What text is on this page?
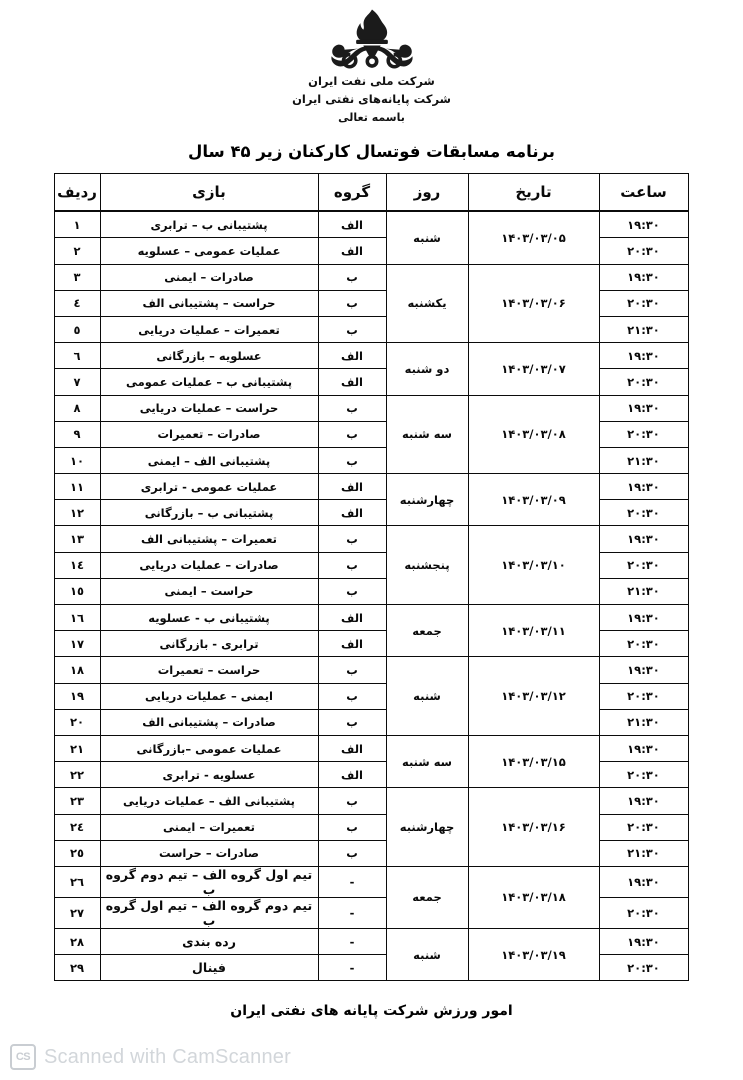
شرکت ملی نفت ایران
شرکت پایانه‌های نفتی ایران
باسمه تعالی
برنامه مسابقات فوتسال کارکنان زیر ۴۵ سال
ساعت	تاریخ	روز	گروه	بازی	ردیف
۱۹:۳۰	۱۴۰۳/۰۳/۰۵	شنبه	الف	پشتیبانی ب – ترابری	۱
۲۰:۳۰			الف	عملیات عمومی – عسلویه	۲
۱۹:۳۰	۱۴۰۳/۰۳/۰۶	یکشنبه	ب	صادرات – ایمنی	۳
۲۰:۳۰			ب	حراست – پشتیبانی الف	٤
۲۱:۳۰			ب	تعمیرات – عملیات دریایی	٥
۱۹:۳۰	۱۴۰۳/۰۳/۰۷	دو شنبه	الف	عسلویه – بازرگانی	٦
۲۰:۳۰			الف	پشتیبانی ب – عملیات عمومی	۷
۱۹:۳۰	۱۴۰۳/۰۳/۰۸	سه شنبه	ب	حراست – عملیات دریایی	۸
۲۰:۳۰			ب	صادرات – تعمیرات	۹
۲۱:۳۰			ب	پشتیبانی الف – ایمنی	۱۰
۱۹:۳۰	۱۴۰۳/۰۳/۰۹	چهارشنبه	الف	عملیات عمومی - ترابری	۱۱
۲۰:۳۰			الف	پشتیبانی ب – بازرگانی	۱۲
۱۹:۳۰	۱۴۰۳/۰۳/۱۰	پنجشنبه	ب	تعمیرات – پشتیبانی الف	۱۳
۲۰:۳۰			ب	صادرات – عملیات دریایی	۱٤
۲۱:۳۰			ب	حراست – ایمنی	۱٥
۱۹:۳۰	۱۴۰۳/۰۳/۱۱	جمعه	الف	پشتیبانی ب - عسلویه	۱٦
۲۰:۳۰			الف	ترابری - بازرگانی	۱۷
۱۹:۳۰	۱۴۰۳/۰۳/۱۲	شنبه	ب	حراست – تعمیرات	۱۸
۲۰:۳۰			ب	ایمنی – عملیات دریایی	۱۹
۲۱:۳۰			ب	صادرات – پشتیبانی الف	۲۰
۱۹:۳۰	۱۴۰۳/۰۳/۱۵	سه شنبه	الف	عملیات عمومی –بازرگانی	۲۱
۲۰:۳۰			الف	عسلویه - ترابری	۲۲
۱۹:۳۰	۱۴۰۳/۰۳/۱۶	چهارشنبه	ب	پشتیبانی الف – عملیات دریایی	۲۳
۲۰:۳۰			ب	تعمیرات – ایمنی	۲٤
۲۱:۳۰			ب	صادرات – حراست	۲٥
۱۹:۳۰	۱۴۰۳/۰۳/۱۸	جمعه	-	تیم اول گروه الف – تیم دوم گروه ب	۲٦
۲۰:۳۰			-	تیم دوم گروه الف – تیم اول گروه ب	۲۷
۱۹:۳۰	۱۴۰۳/۰۳/۱۹	شنبه	-	رده بندی	۲۸
۲۰:۳۰			-	فینال	۲۹
امور ورزش شرکت پایانه های نفتی ایران
CS Scanned with CamScanner
